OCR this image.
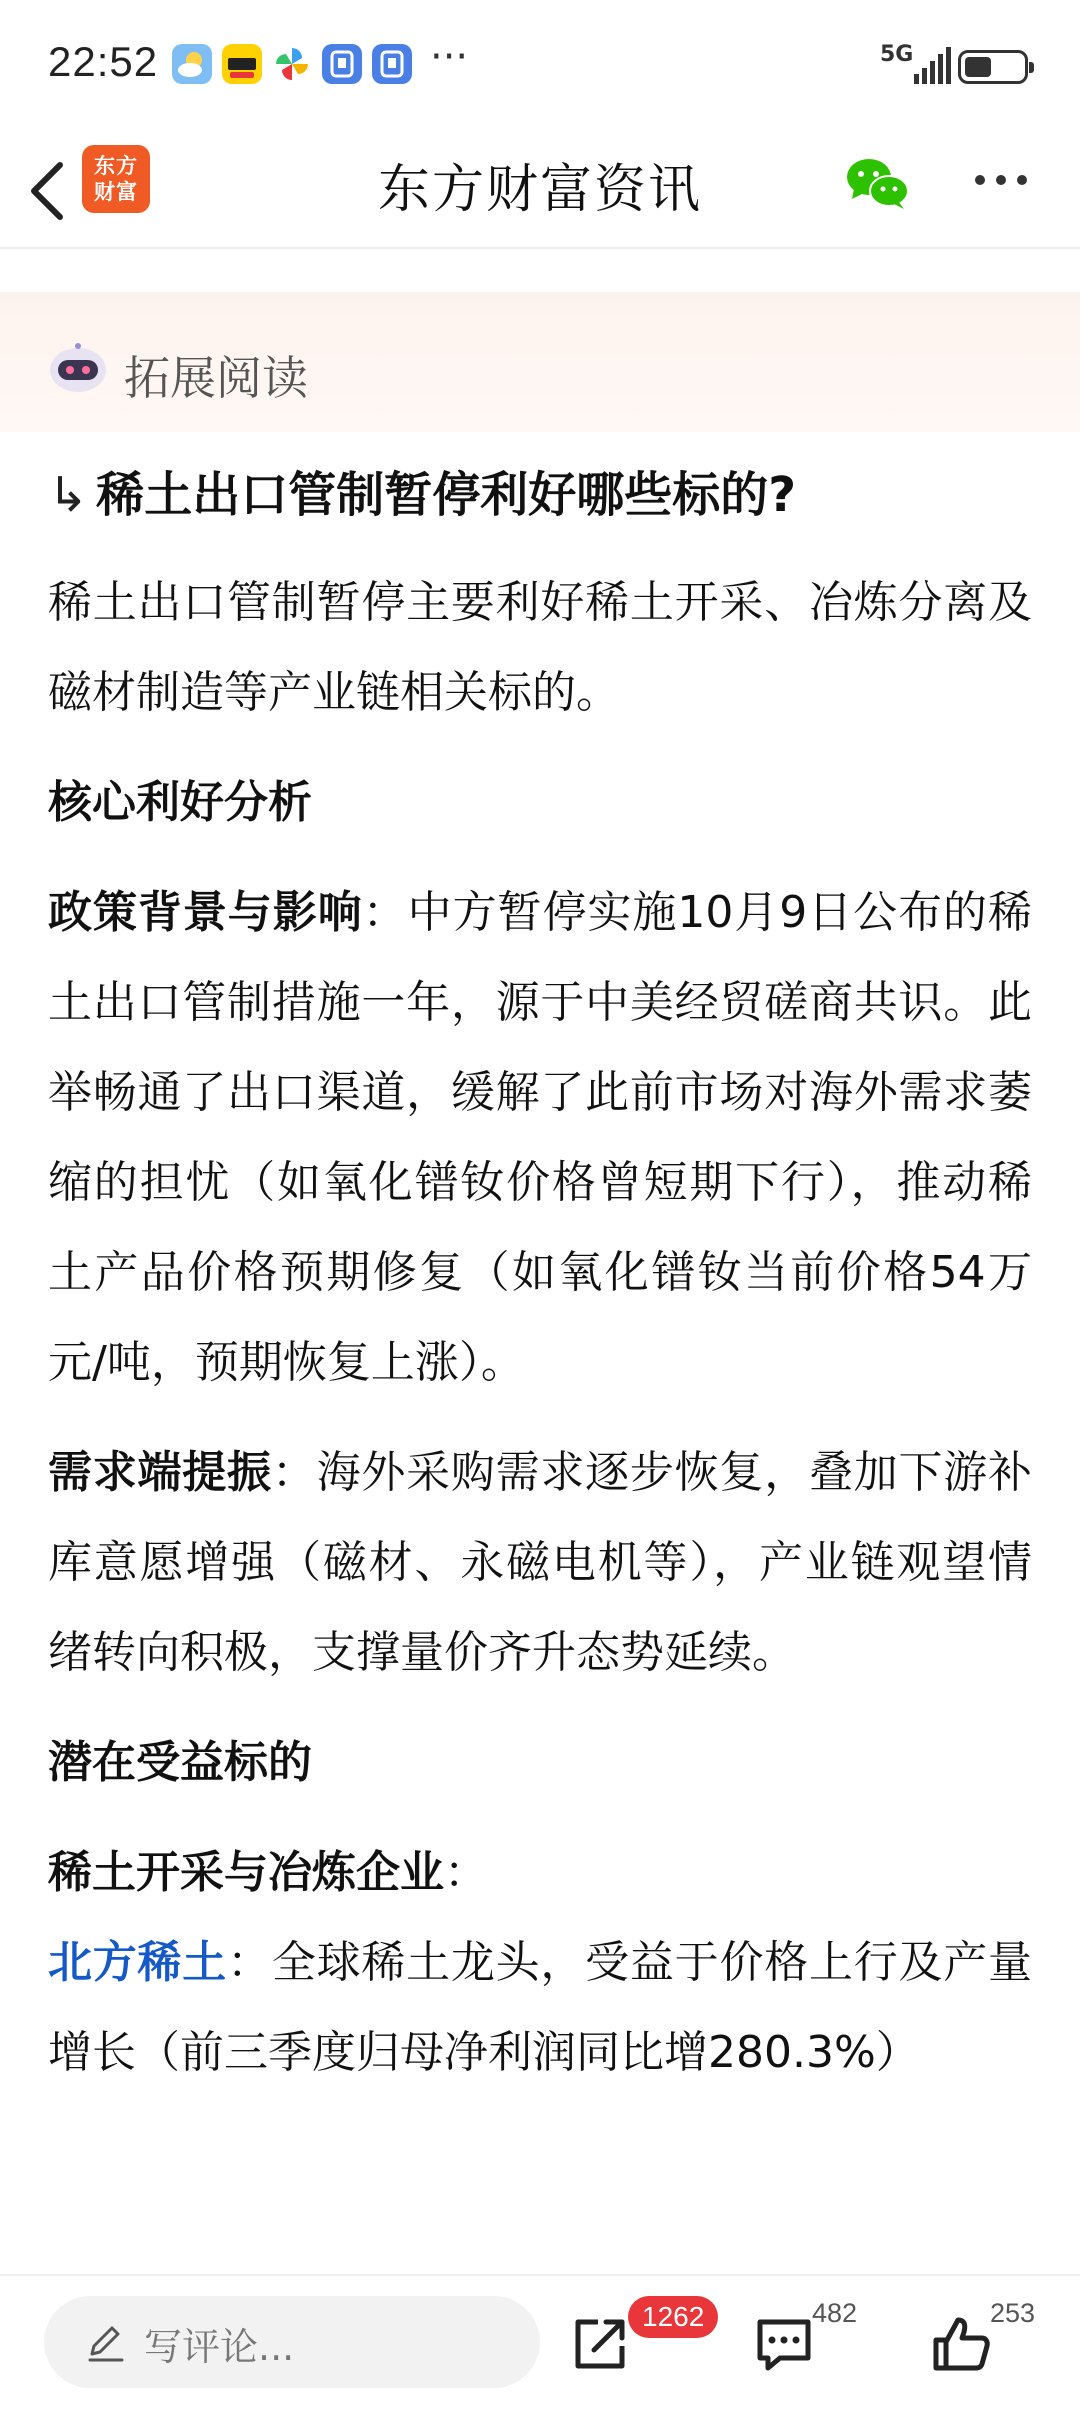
22:52	···	5G
东方
财富	东方财富资讯
拓展阅读
↳ 稀土出口管制暂停利好哪些标的?
稀土出口管制暂停主要利好稀土开采、冶炼分离及磁材制造等产业链相关标的。
核心利好分析
政策背景与影响：中方暂停实施10月9日公布的稀土出口管制措施一年，源于中美经贸磋商共识。此举畅通了出口渠道，缓解了此前市场对海外需求萎缩的担忧（如氧化镨钕价格曾短期下行），推动稀土产品价格预期修复（如氧化镨钕当前价格54万元/吨，预期恢复上涨）。
需求端提振：海外采购需求逐步恢复，叠加下游补库意愿增强（磁材、永磁电机等），产业链观望情绪转向积极，支撑量价齐升态势延续。
潜在受益标的
稀土开采与冶炼企业：
北方稀土：全球稀土龙头，受益于价格上行及产量增长（前三季度归母净利润同比增280.3%）
写评论...
1262	482	253
